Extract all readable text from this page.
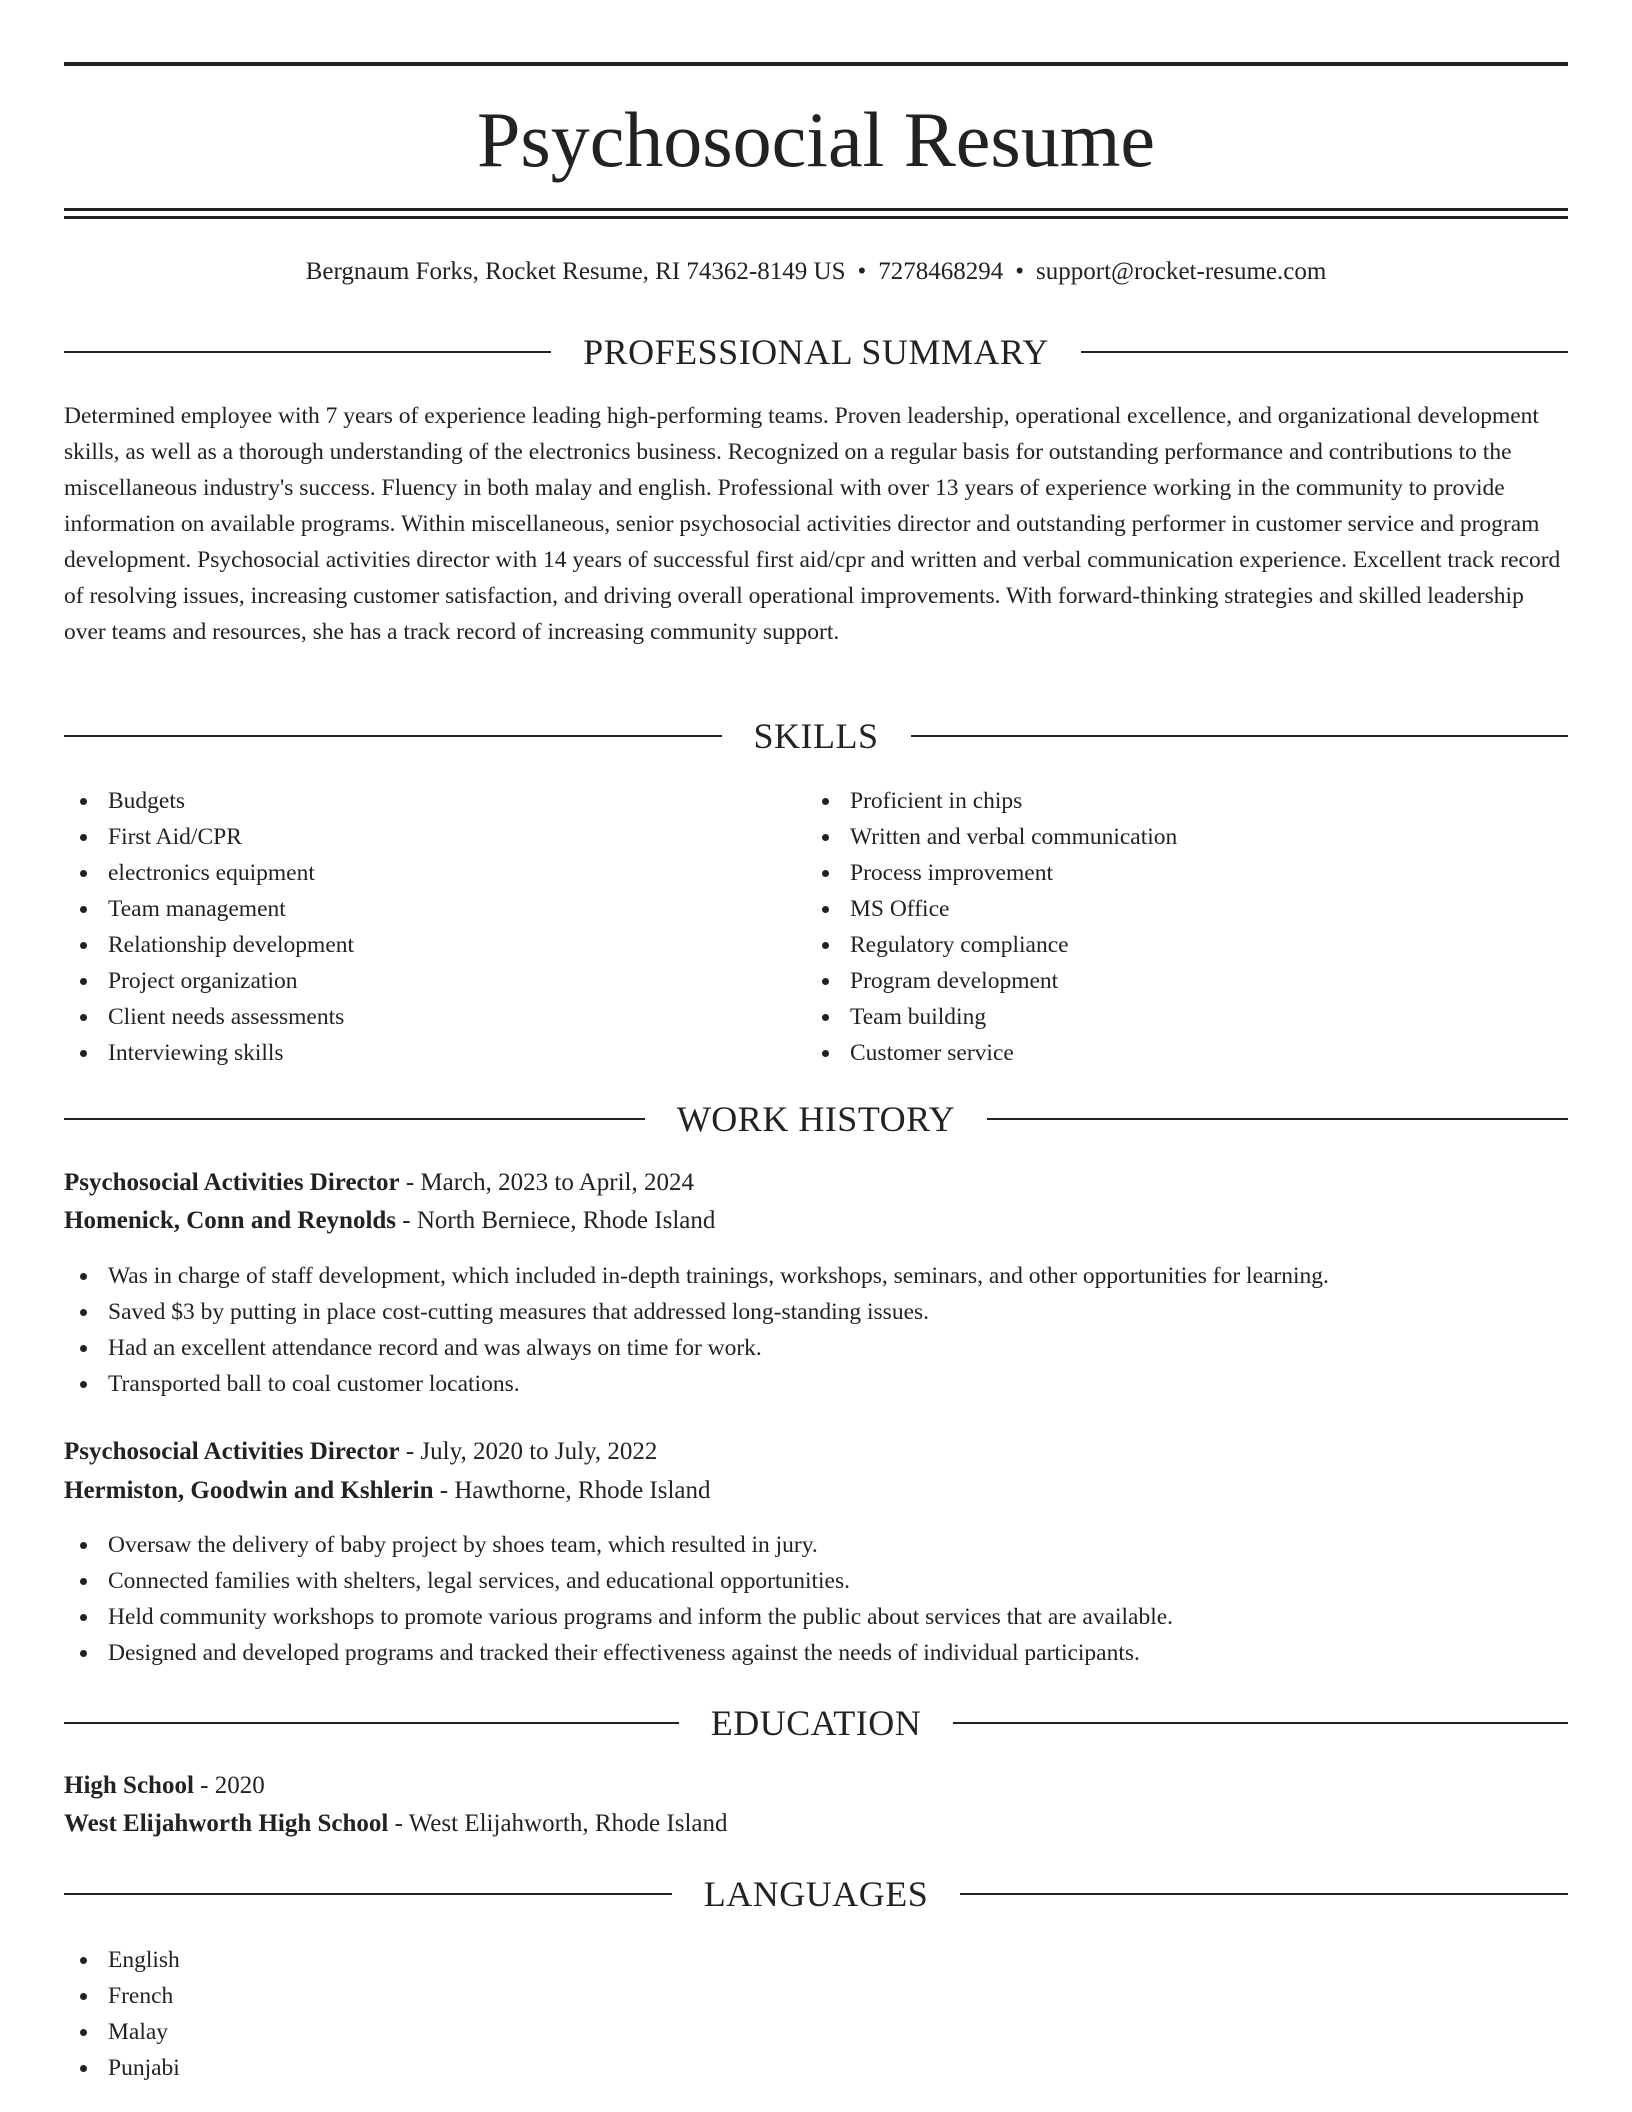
Psychosocial Resume
Bergnaum Forks, Rocket Resume, RI 74362-8149 US • 7278468294 • support@rocket-resume.com
PROFESSIONAL SUMMARY

Determined employee with 7 years of experience leading high-performing teams. Proven leadership, operational excellence, and organizational development skills, as well as a thorough understanding of the electronics business. Recognized on a regular basis for outstanding performance and contributions to the miscellaneous industry's success. Fluency in both malay and english. Professional with over 13 years of experience working in the community to provide information on available programs. Within miscellaneous, senior psychosocial activities director and outstanding performer in customer service and program development. Psychosocial activities director with 14 years of successful first aid/cpr and written and verbal communication experience. Excellent track record of resolving issues, increasing customer satisfaction, and driving overall operational improvements. With forward-thinking strategies and skilled leadership over teams and resources, she has a track record of increasing community support.

SKILLS
Budgets
First Aid/CPR
electronics equipment
Team management
Relationship development
Project organization
Client needs assessments
Interviewing skills
Proficient in chips
Written and verbal communication
Process improvement
MS Office
Regulatory compliance
Program development
Team building
Customer service
WORK HISTORY
Psychosocial Activities Director - March, 2023 to April, 2024
Homenick, Conn and Reynolds - North Berniece, Rhode Island
Was in charge of staff development, which included in-depth trainings, workshops, seminars, and other opportunities for learning.
Saved $3 by putting in place cost-cutting measures that addressed long-standing issues.
Had an excellent attendance record and was always on time for work.
Transported ball to coal customer locations.
Psychosocial Activities Director - July, 2020 to July, 2022
Hermiston, Goodwin and Kshlerin - Hawthorne, Rhode Island
Oversaw the delivery of baby project by shoes team, which resulted in jury.
Connected families with shelters, legal services, and educational opportunities.
Held community workshops to promote various programs and inform the public about services that are available.
Designed and developed programs and tracked their effectiveness against the needs of individual participants.
EDUCATION
High School - 2020
West Elijahworth High School - West Elijahworth, Rhode Island
LANGUAGES
English
French
Malay
Punjabi
